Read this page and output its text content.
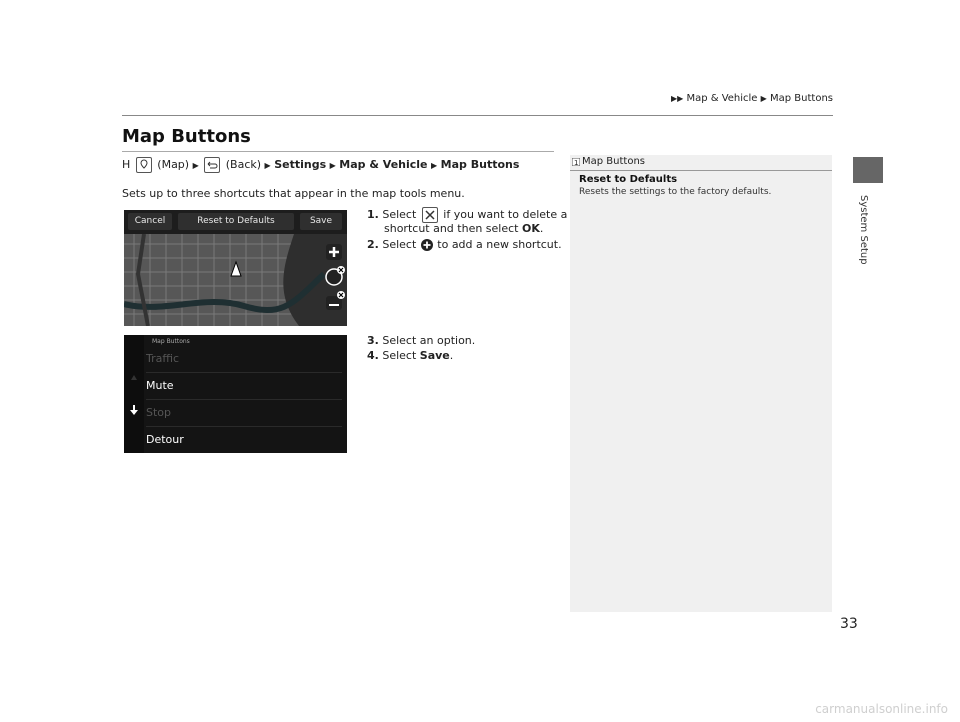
▶▶ Map & Vehicle ▶ Map Buttons
System Setup
Map Buttons
H (Map) ▶ (Back) ▶ Settings ▶ Map & Vehicle ▶ Map Buttons
Sets up to three shortcuts that appear in the map tools menu.
Cancel	Reset to Defaults	Save	1. Select if you want to delete a
shortcut and then select OK.
2. Select to add a new shortcut.
Map Buttons
Traffic
Mute
Stop
Detour
3. Select an option.
4. Select Save.
1 Map Buttons
Reset to Defaults
Resets the settings to the factory defaults.
33
carmanualsonline.info
